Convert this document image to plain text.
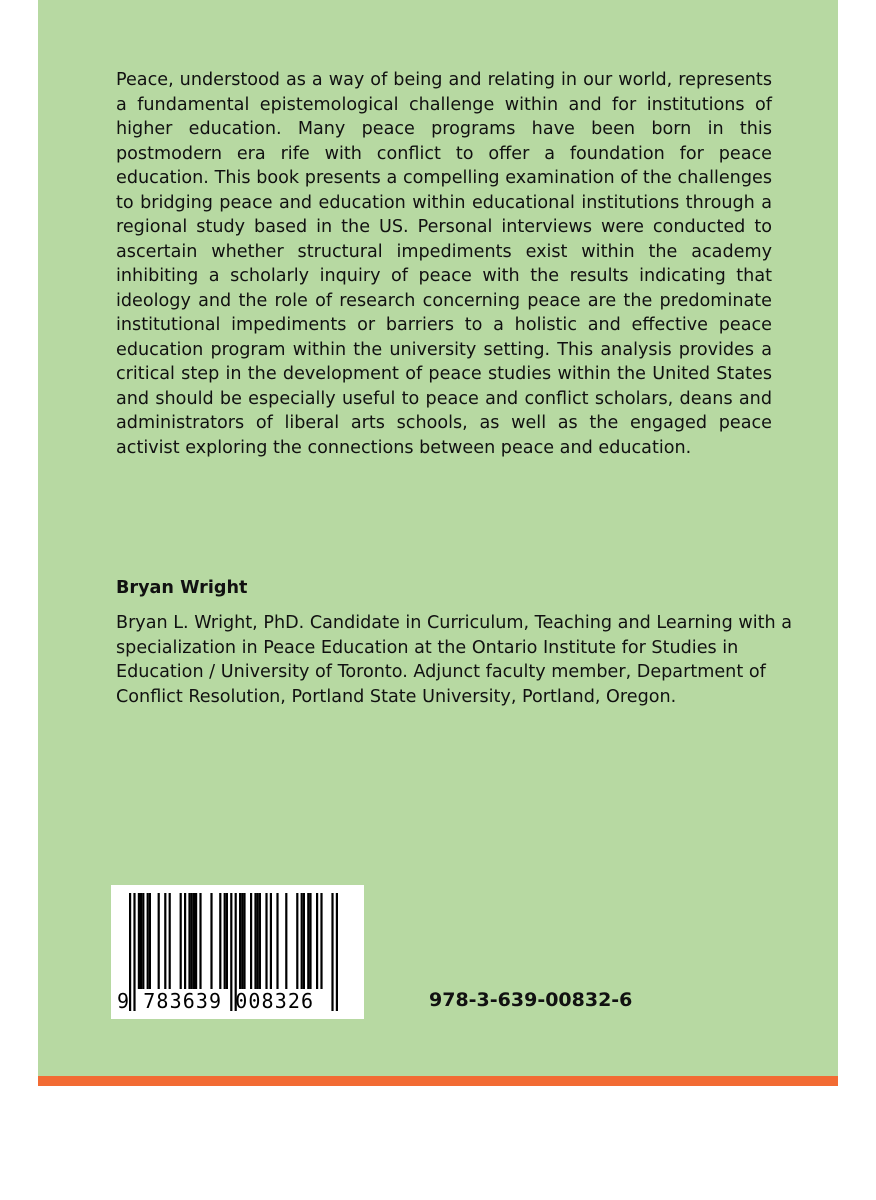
Peace, understood as a way of being and relating in our world, represents a fundamental epistemological challenge within and for institutions of higher education. Many peace programs have been born in this postmodern era rife with conflict to offer a foundation for peace education. This book presents a compelling examination of the challenges to bridging peace and education within educational institutions through a regional study based in the US. Personal interviews were conducted to ascertain whether structural impediments exist within the academy inhibiting a scholarly inquiry of peace with the results indicating that ideology and the role of research concerning peace are the predominate institutional impediments or barriers to a holistic and effective peace education program within the university setting. This analysis provides a critical step in the development of peace studies within the United States and should be especially useful to peace and conflict scholars, deans and administrators of liberal arts schools, as well as the engaged peace activist exploring the connections between peace and education.

Bryan Wright

Bryan L. Wright, PhD. Candidate in Curriculum, Teaching and Learning with a specialization in Peace Education at the Ontario Institute for Studies in Education / University of Toronto. Adjunct faculty member, Department of Conflict Resolution, Portland State University, Portland, Oregon.

9 783639 008326	978-3-639-00832-6
